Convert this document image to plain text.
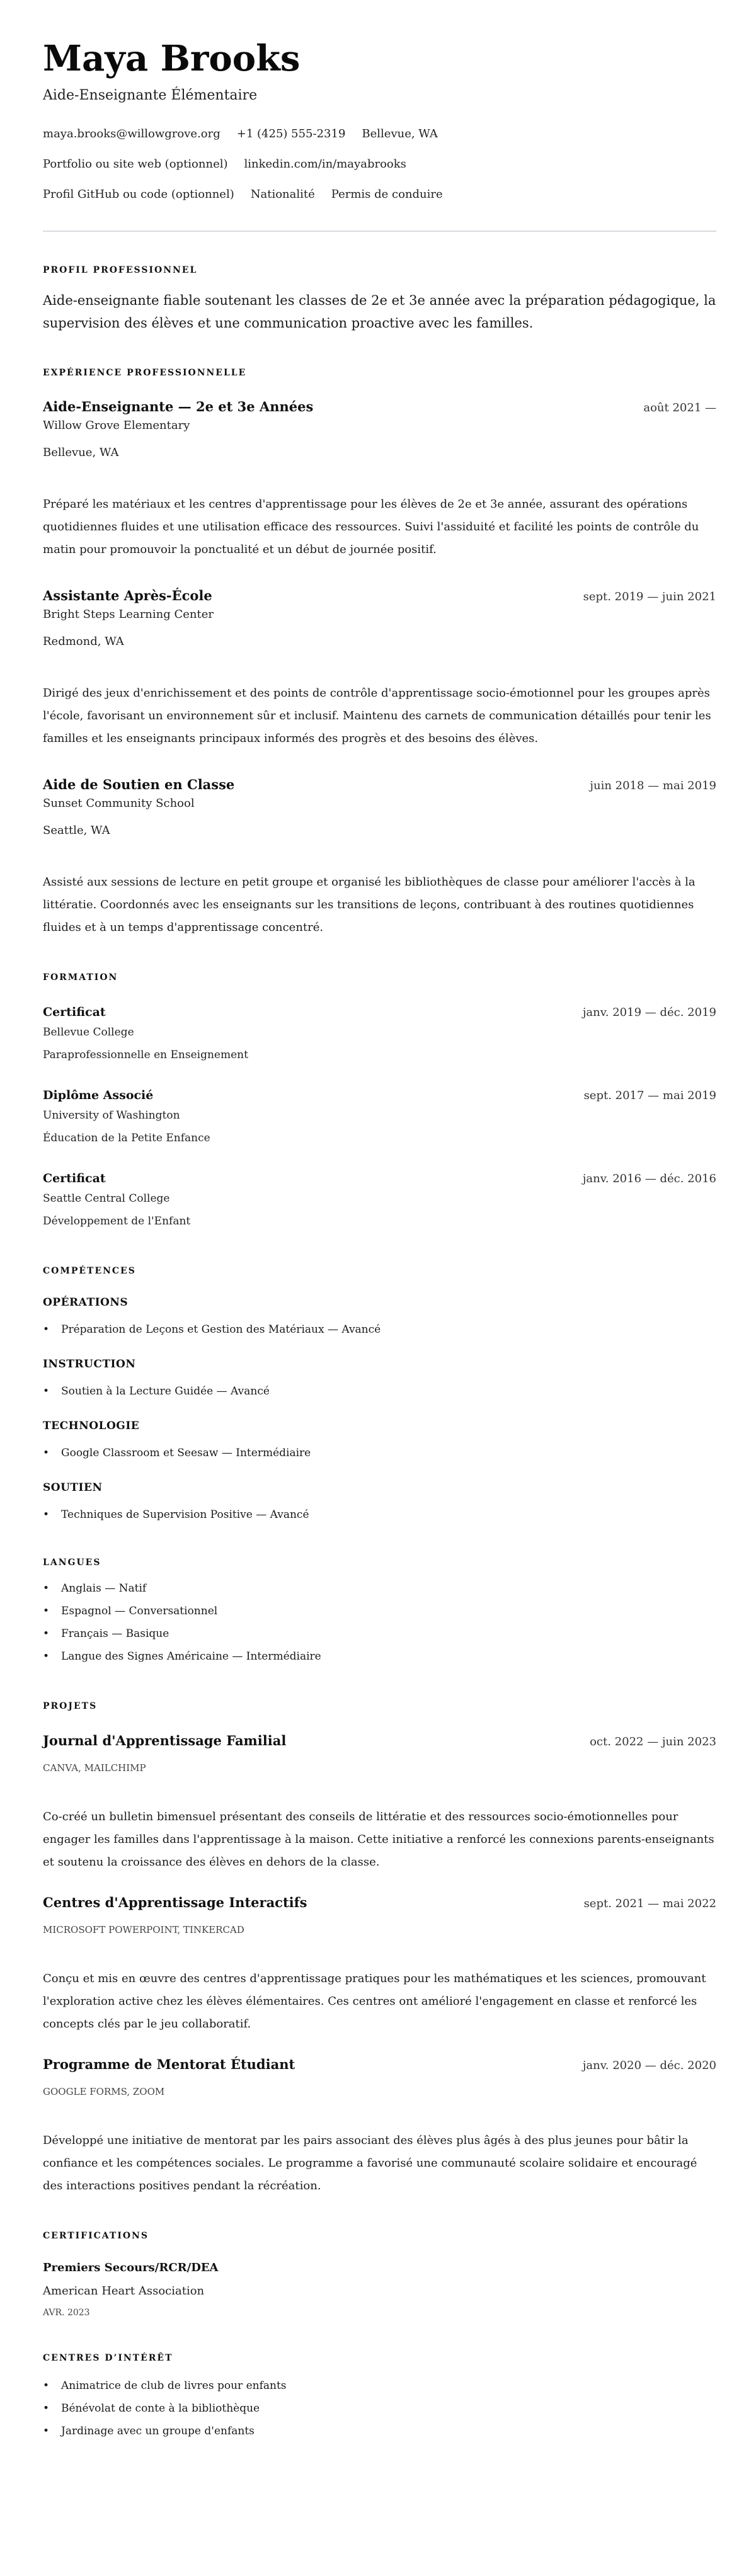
Maya Brooks
Aide-Enseignante Élémentaire
maya.brooks@willowgrove.org +1 (425) 555-2319 Bellevue, WA
Portfolio ou site web (optionnel) linkedin.com/in/mayabrooks
Profil GitHub ou code (optionnel) Nationalité Permis de conduire
PROFIL PROFESSIONNEL

Aide-enseignante fiable soutenant les classes de 2e et 3e année avec la préparation pédagogique, la supervision des élèves et une communication proactive avec les familles.

EXPÉRIENCE PROFESSIONNELLE
Aide-Enseignante — 2e et 3e Années	août 2021 —
Willow Grove Elementary
Bellevue, WA

Préparé les matériaux et les centres d'apprentissage pour les élèves de 2e et 3e année, assurant des opérations quotidiennes fluides et une utilisation efficace des ressources. Suivi l'assiduité et facilité les points de contrôle du matin pour promouvoir la ponctualité et un début de journée positif.

Assistante Après-École	sept. 2019 — juin 2021
Bright Steps Learning Center
Redmond, WA

Dirigé des jeux d'enrichissement et des points de contrôle d'apprentissage socio-émotionnel pour les groupes après l'école, favorisant un environnement sûr et inclusif. Maintenu des carnets de communication détaillés pour tenir les familles et les enseignants principaux informés des progrès et des besoins des élèves.

Aide de Soutien en Classe	juin 2018 — mai 2019
Sunset Community School
Seattle, WA

Assisté aux sessions de lecture en petit groupe et organisé les bibliothèques de classe pour améliorer l'accès à la littératie. Coordonnés avec les enseignants sur les transitions de leçons, contribuant à des routines quotidiennes fluides et à un temps d'apprentissage concentré.

FORMATION
Certificat	janv. 2019 — déc. 2019
Bellevue College
Paraprofessionnelle en Enseignement
Diplôme Associé	sept. 2017 — mai 2019
University of Washington
Éducation de la Petite Enfance
Certificat	janv. 2016 — déc. 2016
Seattle Central College
Développement de l'Enfant
COMPÉTENCES
OPÉRATIONS
• Préparation de Leçons et Gestion des Matériaux — Avancé
INSTRUCTION
• Soutien à la Lecture Guidée — Avancé
TECHNOLOGIE
• Google Classroom et Seesaw — Intermédiaire
SOUTIEN
• Techniques de Supervision Positive — Avancé
LANGUES
• Anglais — Natif
• Espagnol — Conversationnel
• Français — Basique
• Langue des Signes Américaine — Intermédiaire
PROJETS
Journal d'Apprentissage Familial	oct. 2022 — juin 2023
CANVA, MAILCHIMP

Co-créé un bulletin bimensuel présentant des conseils de littératie et des ressources socio-émotionnelles pour engager les familles dans l'apprentissage à la maison. Cette initiative a renforcé les connexions parents-enseignants et soutenu la croissance des élèves en dehors de la classe.

Centres d'Apprentissage Interactifs	sept. 2021 — mai 2022
MICROSOFT POWERPOINT, TINKERCAD

Conçu et mis en œuvre des centres d'apprentissage pratiques pour les mathématiques et les sciences, promouvant l'exploration active chez les élèves élémentaires. Ces centres ont amélioré l'engagement en classe et renforcé les concepts clés par le jeu collaboratif.

Programme de Mentorat Étudiant	janv. 2020 — déc. 2020
GOOGLE FORMS, ZOOM

Développé une initiative de mentorat par les pairs associant des élèves plus âgés à des plus jeunes pour bâtir la confiance et les compétences sociales. Le programme a favorisé une communauté scolaire solidaire et encouragé des interactions positives pendant la récréation.

CERTIFICATIONS
Premiers Secours/RCR/DEA
American Heart Association
AVR. 2023
CENTRES D’INTÉRÊT
• Animatrice de club de livres pour enfants
• Bénévolat de conte à la bibliothèque
• Jardinage avec un groupe d'enfants
